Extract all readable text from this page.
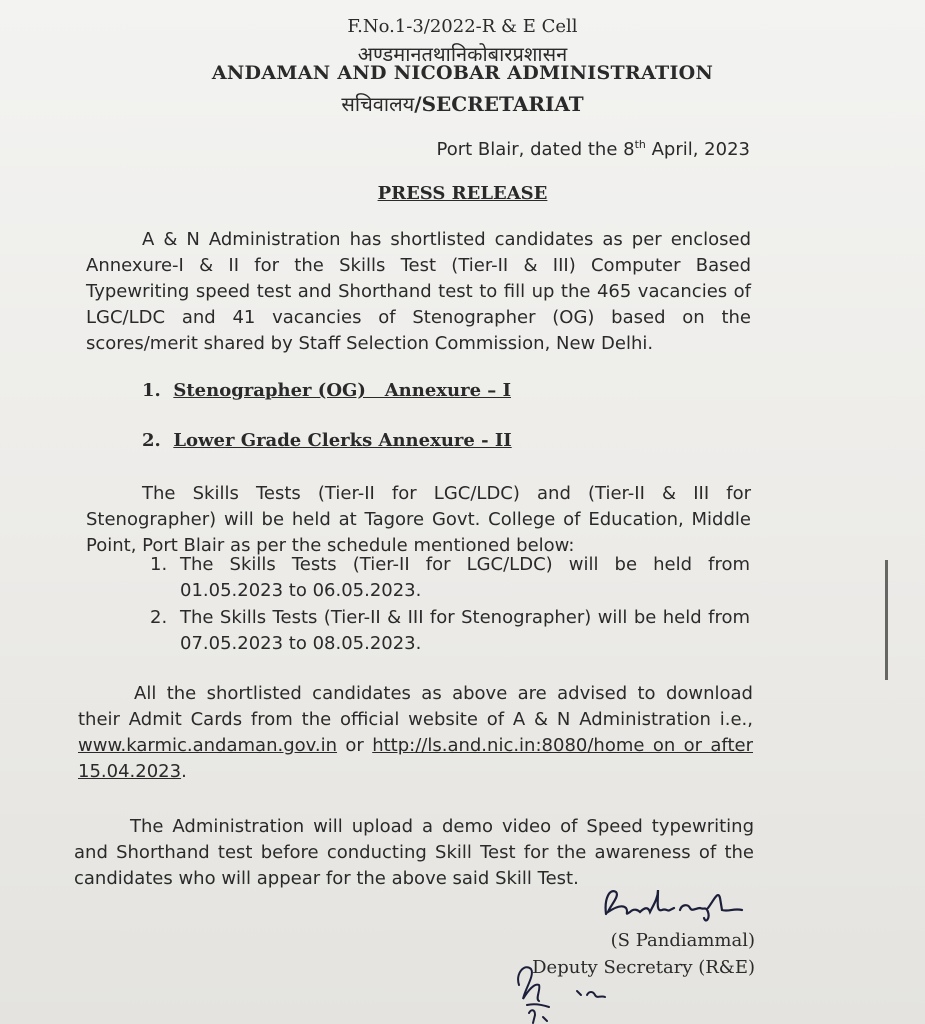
F.No.1-3/2022-R & E Cell
अण्डमानतथानिकोबारप्रशासन
ANDAMAN AND NICOBAR ADMINISTRATION
सचिवालय/SECRETARIAT
Port Blair, dated the 8th April, 2023
PRESS RELEASE
A & N Administration has shortlisted candidates as per enclosed Annexure-I & II for the Skills Test (Tier-II & III) Computer Based Typewriting speed test and Shorthand test to fill up the 465 vacancies of LGC/LDC and 41 vacancies of Stenographer (OG) based on the scores/merit shared by Staff Selection Commission, New Delhi.
1. Stenographer (OG)   Annexure – I
2. Lower Grade Clerks Annexure - II
The Skills Tests (Tier-II for LGC/LDC) and (Tier-II & III for Stenographer) will be held at Tagore Govt. College of Education, Middle Point, Port Blair as per the schedule mentioned below:
1. The Skills Tests (Tier-II for LGC/LDC) will be held from 01.05.2023 to 06.05.2023.
2. The Skills Tests (Tier-II & III for Stenographer) will be held from 07.05.2023 to 08.05.2023.
All the shortlisted candidates as above are advised to download their Admit Cards from the official website of A & N Administration i.e., www.karmic.andaman.gov.in or http://ls.and.nic.in:8080/home on or after 15.04.2023.
The Administration will upload a demo video of Speed typewriting and Shorthand test before conducting Skill Test for the awareness of the candidates who will appear for the above said Skill Test.
(S Pandiammal)
Deputy Secretary (R&E)
